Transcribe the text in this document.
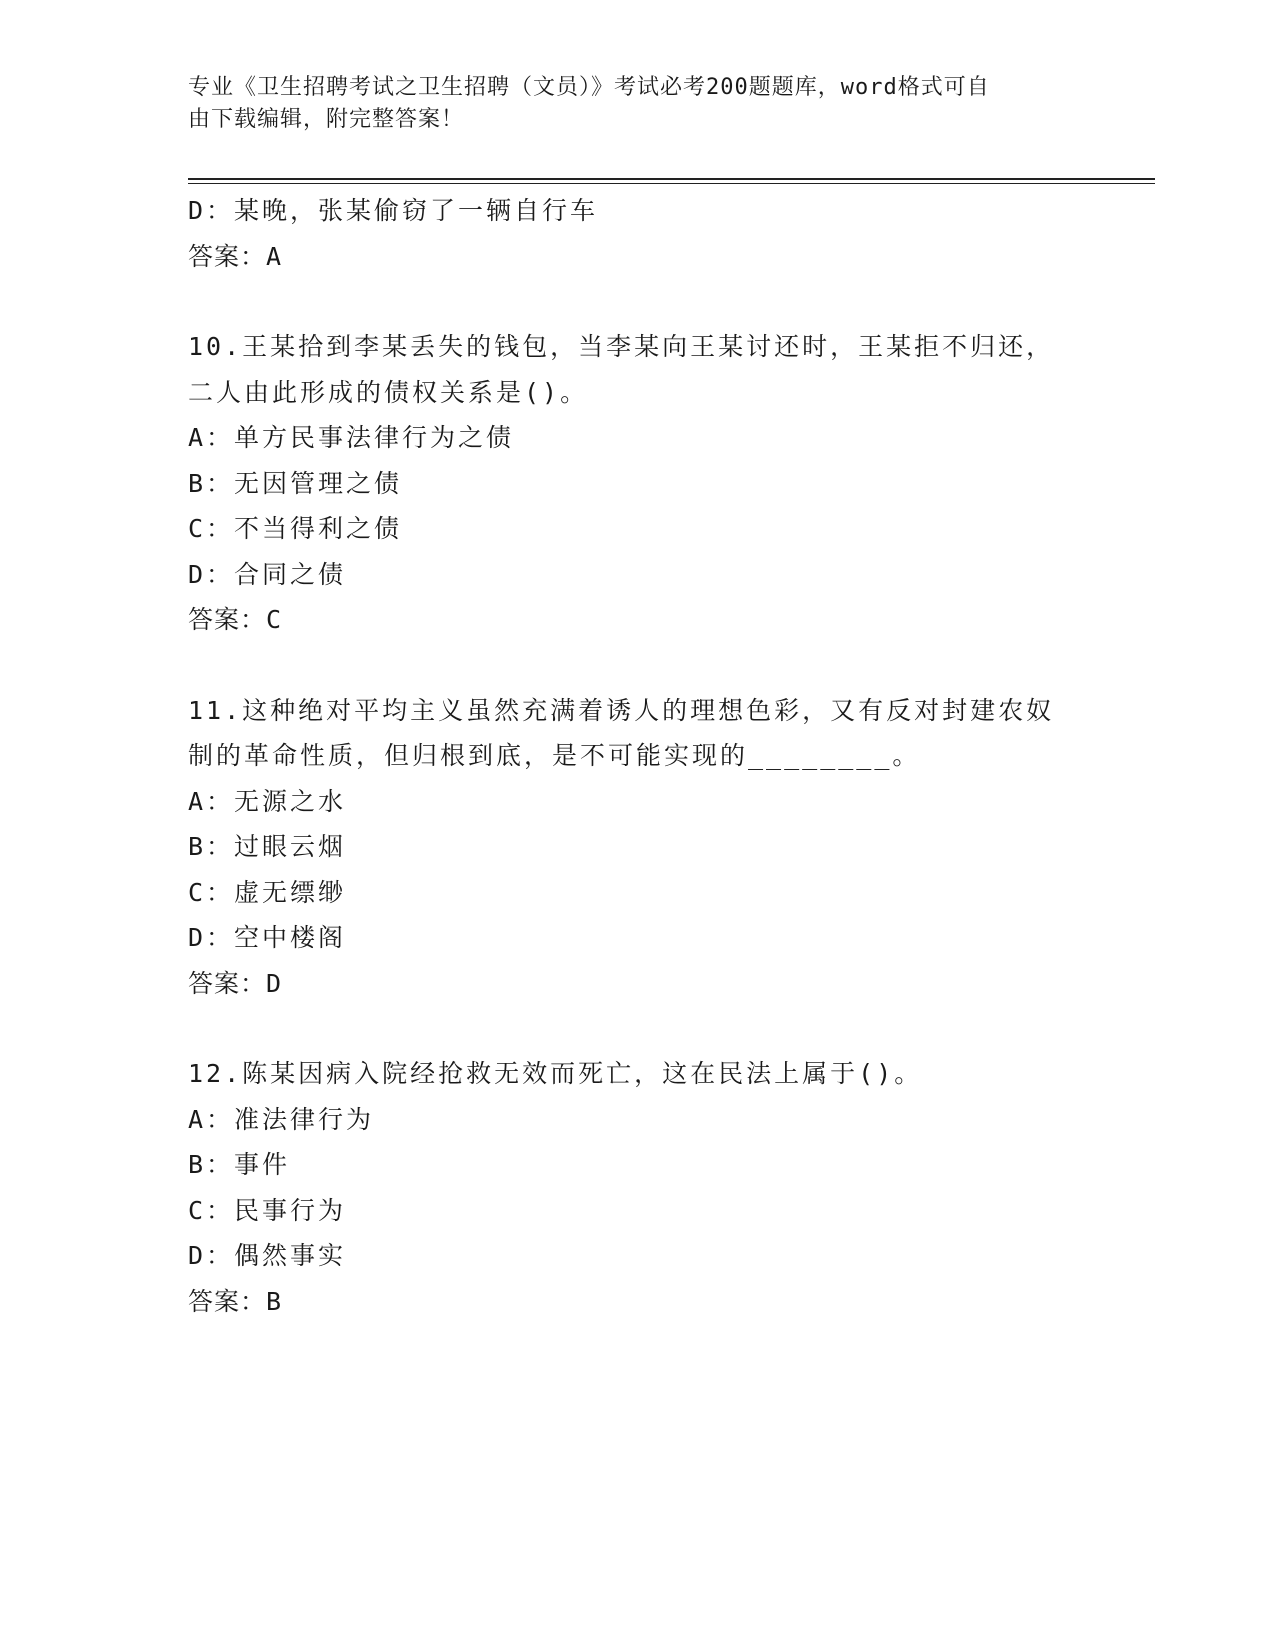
专业《卫生招聘考试之卫生招聘（文员）》考试必考200题题库，word格式可自
由下载编辑，附完整答案！
D：某晚，张某偷窃了一辆自行车
答案：A
10.王某拾到李某丢失的钱包，当李某向王某讨还时，王某拒不归还，
二人由此形成的债权关系是()。
A：单方民事法律行为之债
B：无因管理之债
C：不当得利之债
D：合同之债
答案：C
11.这种绝对平均主义虽然充满着诱人的理想色彩，又有反对封建农奴
制的革命性质，但归根到底，是不可能实现的________。
A：无源之水
B：过眼云烟
C：虚无缥缈
D：空中楼阁
答案：D
12.陈某因病入院经抢救无效而死亡，这在民法上属于()。
A：准法律行为
B：事件
C：民事行为
D：偶然事实
答案：B
